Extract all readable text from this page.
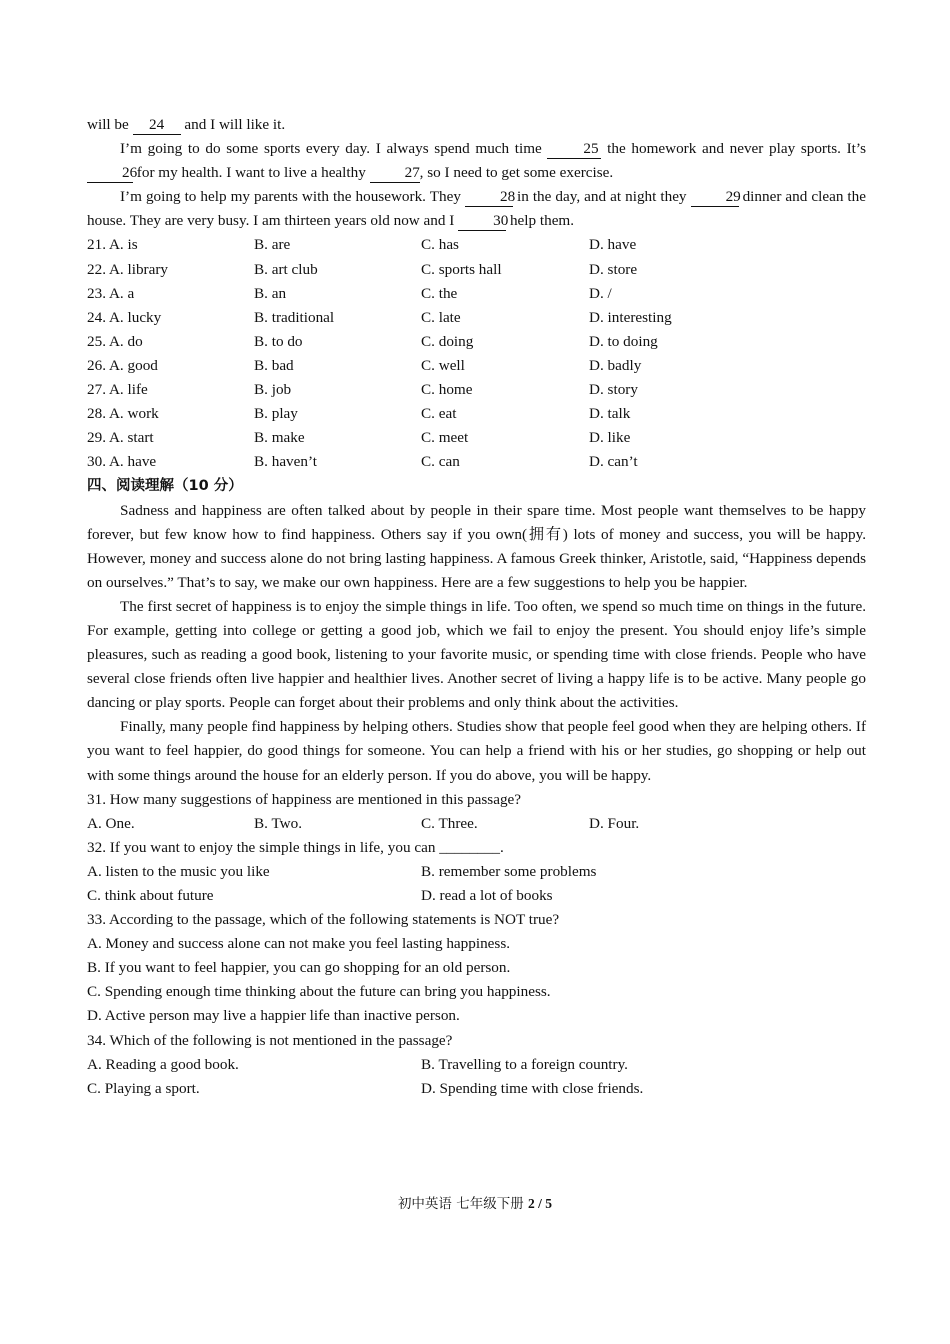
will be 24 and I will like it.

I’m going to do some sports every day. I always spend much time 25 the homework and never play sports. It’s 26 for my health. I want to live a healthy 27, so I need to get some exercise.

I’m going to help my parents with the housework. They 28 in the day, and at night they 29 dinner and clean the house. They are very busy. I am thirteen years old now and I 30 help them.

21. A. is	B. are	C. has	D. have
22. A. library	B. art club	C. sports hall	D. store
23. A. a	B. an	C. the	D. /
24. A. lucky	B. traditional	C. late	D. interesting
25. A. do	B. to do	C. doing	D. to doing
26. A. good	B. bad	C. well	D. badly
27. A. life	B. job	C. home	D. story
28. A. work	B. play	C. eat	D. talk
29. A. start	B. make	C. meet	D. like
30. A. have	B. haven’t	C. can	D. can’t

四、阅读理解（10 分）

Sadness and happiness are often talked about by people in their spare time. Most people want themselves to be happy forever, but few know how to find happiness. Others say if you own(拥有) lots of money and success, you will be happy. However, money and success alone do not bring lasting happiness. A famous Greek thinker, Aristotle, said, “Happiness depends on ourselves.” That’s to say, we make our own happiness. Here are a few suggestions to help you be happier.

The first secret of happiness is to enjoy the simple things in life. Too often, we spend so much time on things in the future. For example, getting into college or getting a good job, which we fail to enjoy the present. You should enjoy life’s simple pleasures, such as reading a good book, listening to your favorite music, or spending time with close friends. People who have several close friends often live happier and healthier lives. Another secret of living a happy life is to be active. Many people go dancing or play sports. People can forget about their problems and only think about the activities.

Finally, many people find happiness by helping others. Studies show that people feel good when they are helping others. If you want to feel happier, do good things for someone. You can help a friend with his or her studies, go shopping or help out with some things around the house for an elderly person. If you do above, you will be happy.

31. How many suggestions of happiness are mentioned in this passage?

A. One.	B. Two.	C. Three.	D. Four.

32. If you want to enjoy the simple things in life, you can ________.

A. listen to the music you like	B. remember some problems
C. think about future	D. read a lot of books

33. According to the passage, which of the following statements is NOT true?

A. Money and success alone can not make you feel lasting happiness.

B. If you want to feel happier, you can go shopping for an old person.

C. Spending enough time thinking about the future can bring you happiness.

D. Active person may live a happier life than inactive person.

34. Which of the following is not mentioned in the passage?

A. Reading a good book.	B. Travelling to a foreign country.
C. Playing a sport.	D. Spending time with close friends.
初中英语 七年级下册 2 / 5
